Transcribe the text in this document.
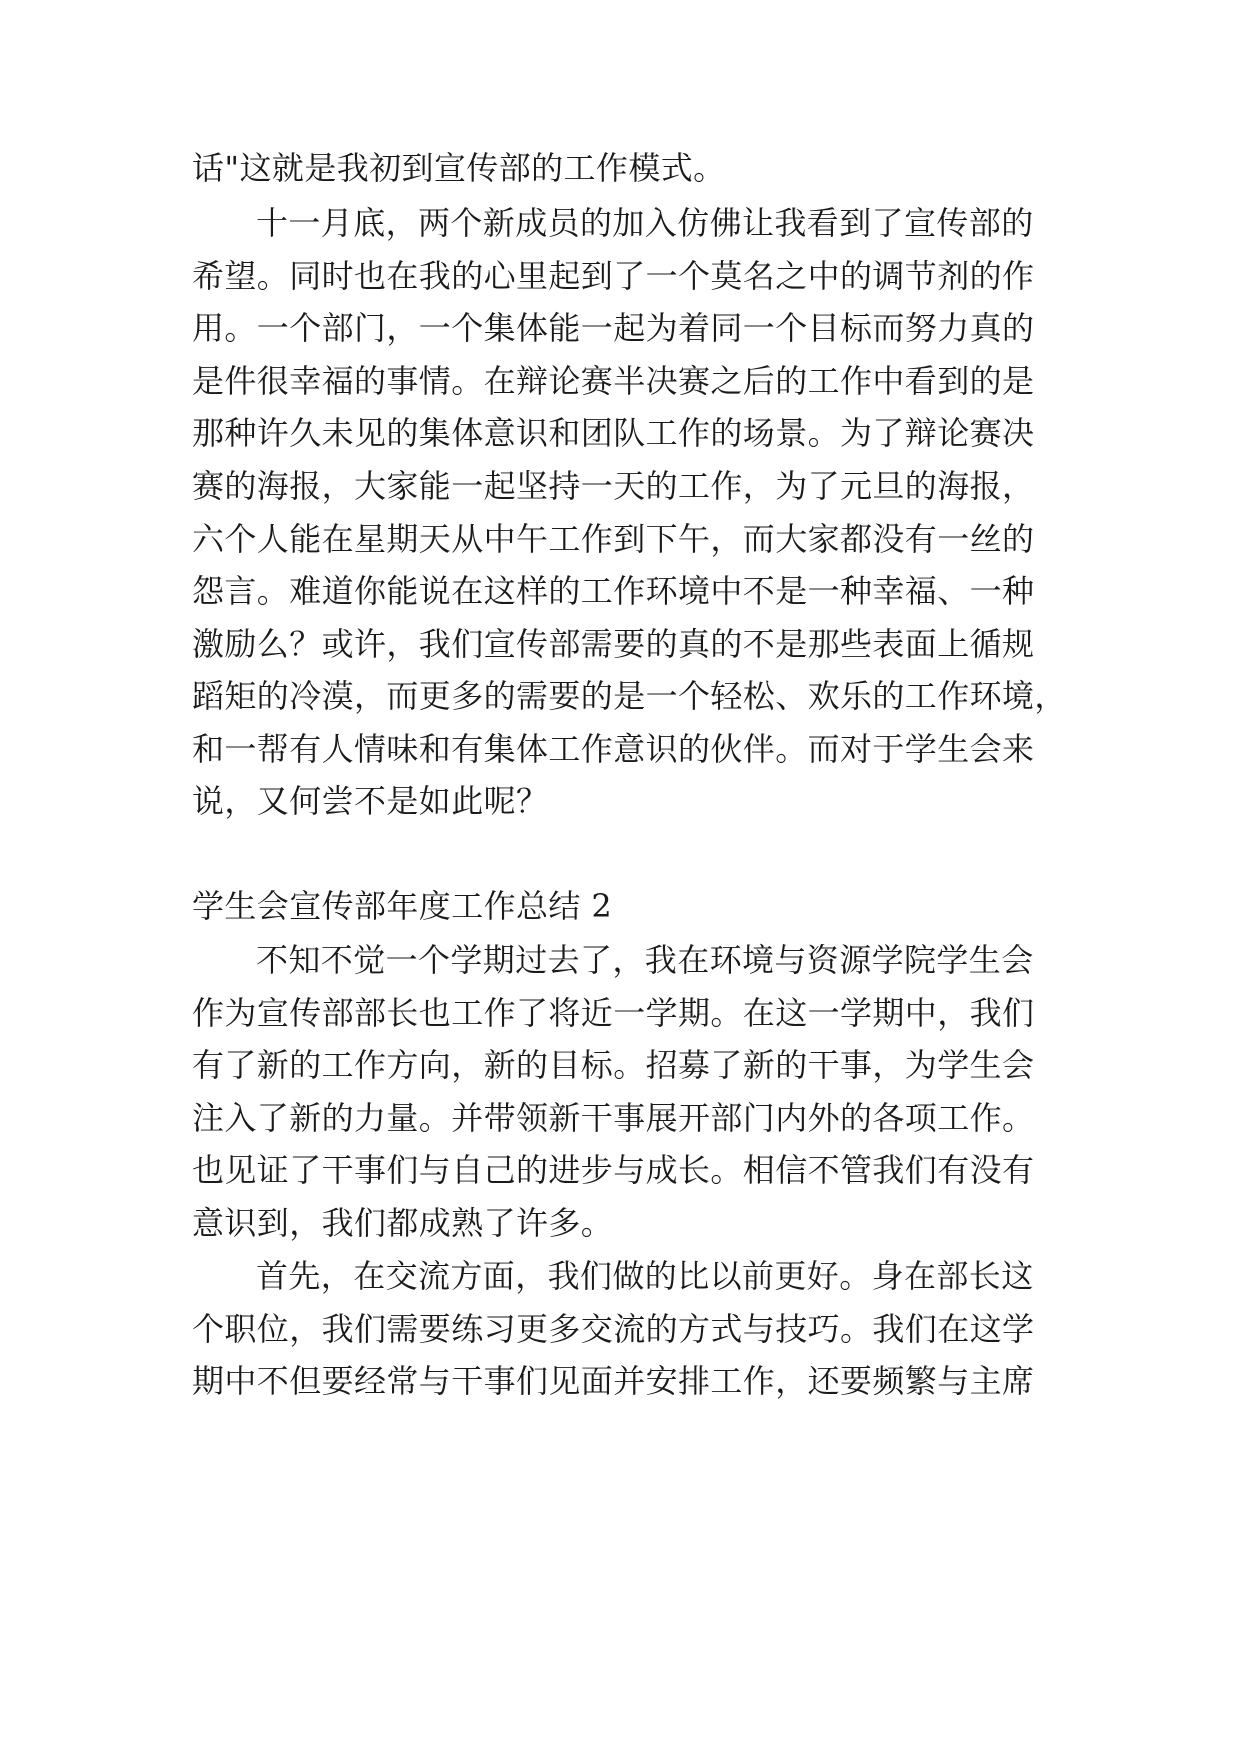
话"这就是我初到宣传部的工作模式。
十一月底，两个新成员的加入仿佛让我看到了宣传部的
希望。同时也在我的心里起到了一个莫名之中的调节剂的作
用。一个部门，一个集体能一起为着同一个目标而努力真的
是件很幸福的事情。在辩论赛半决赛之后的工作中看到的是
那种许久未见的集体意识和团队工作的场景。为了辩论赛决
赛的海报，大家能一起坚持一天的工作，为了元旦的海报，
六个人能在星期天从中午工作到下午，而大家都没有一丝的
怨言。难道你能说在这样的工作环境中不是一种幸福、一种
激励么？或许，我们宣传部需要的真的不是那些表面上循规
蹈矩的冷漠，而更多的需要的是一个轻松、欢乐的工作环境，
和一帮有人情味和有集体工作意识的伙伴。而对于学生会来
说，又何尝不是如此呢？
学生会宣传部年度工作总结 2
不知不觉一个学期过去了，我在环境与资源学院学生会
作为宣传部部长也工作了将近一学期。在这一学期中，我们
有了新的工作方向，新的目标。招募了新的干事，为学生会
注入了新的力量。并带领新干事展开部门内外的各项工作。
也见证了干事们与自己的进步与成长。相信不管我们有没有
意识到，我们都成熟了许多。
首先，在交流方面，我们做的比以前更好。身在部长这
个职位，我们需要练习更多交流的方式与技巧。我们在这学
期中不但要经常与干事们见面并安排工作，还要频繁与主席
